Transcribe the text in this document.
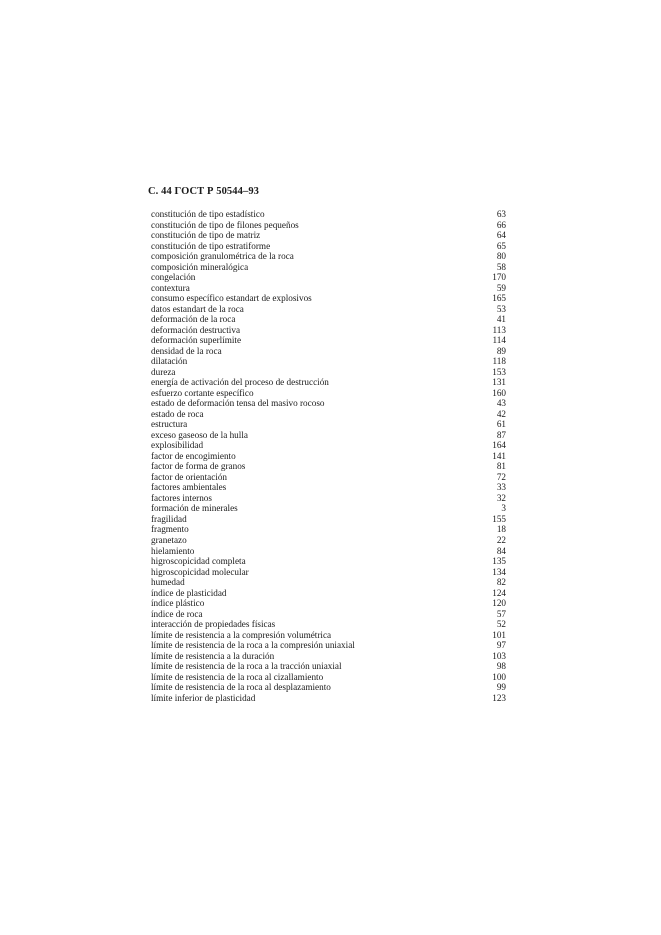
С. 44 ГОСТ Р 50544–93
constitución de tipo estadístico	63
constitución de tipo de filones pequeños	66
constitución de tipo de matriz	64
constitución de tipo estratiforme	65
composición granulométrica de la roca	80
composición mineralógica	58
congelación	170
contextura	59
consumo específico estandart de explosivos	165
datos estandart de la roca	53
deformación de la roca	41
deformación destructiva	113
deformación superlímite	114
densidad de la roca	89
dilatación	118
dureza	153
energía de activación del proceso de destrucción	131
esfuerzo cortante específico	160
estado de deformación tensa del masivo rocoso	43
estado de roca	42
estructura	61
exceso gaseoso de la hulla	87
explosibilidad	164
factor de encogimiento	141
factor de forma de granos	81
factor de orientación	72
factores ambientales	33
factores internos	32
formación de minerales	3
fragilidad	155
fragmento	18
granetazo	22
hielamiento	84
higroscopicidad completa	135
higroscopicidad molecular	134
humedad	82
índice de plasticidad	124
índice plástico	120
índice de roca	57
interacción de propiedades físicas	52
límite de resistencia a la compresión volumétrica	101
límite de resistencia de la roca a la compresión uniaxial	97
límite de resistencia a la duración	103
límite de resistencia de la roca a la tracción uniaxial	98
límite de resistencia de la roca al cizallamiento	100
límite de resistencia de la roca al desplazamiento	99
límite inferior de plasticidad	123
